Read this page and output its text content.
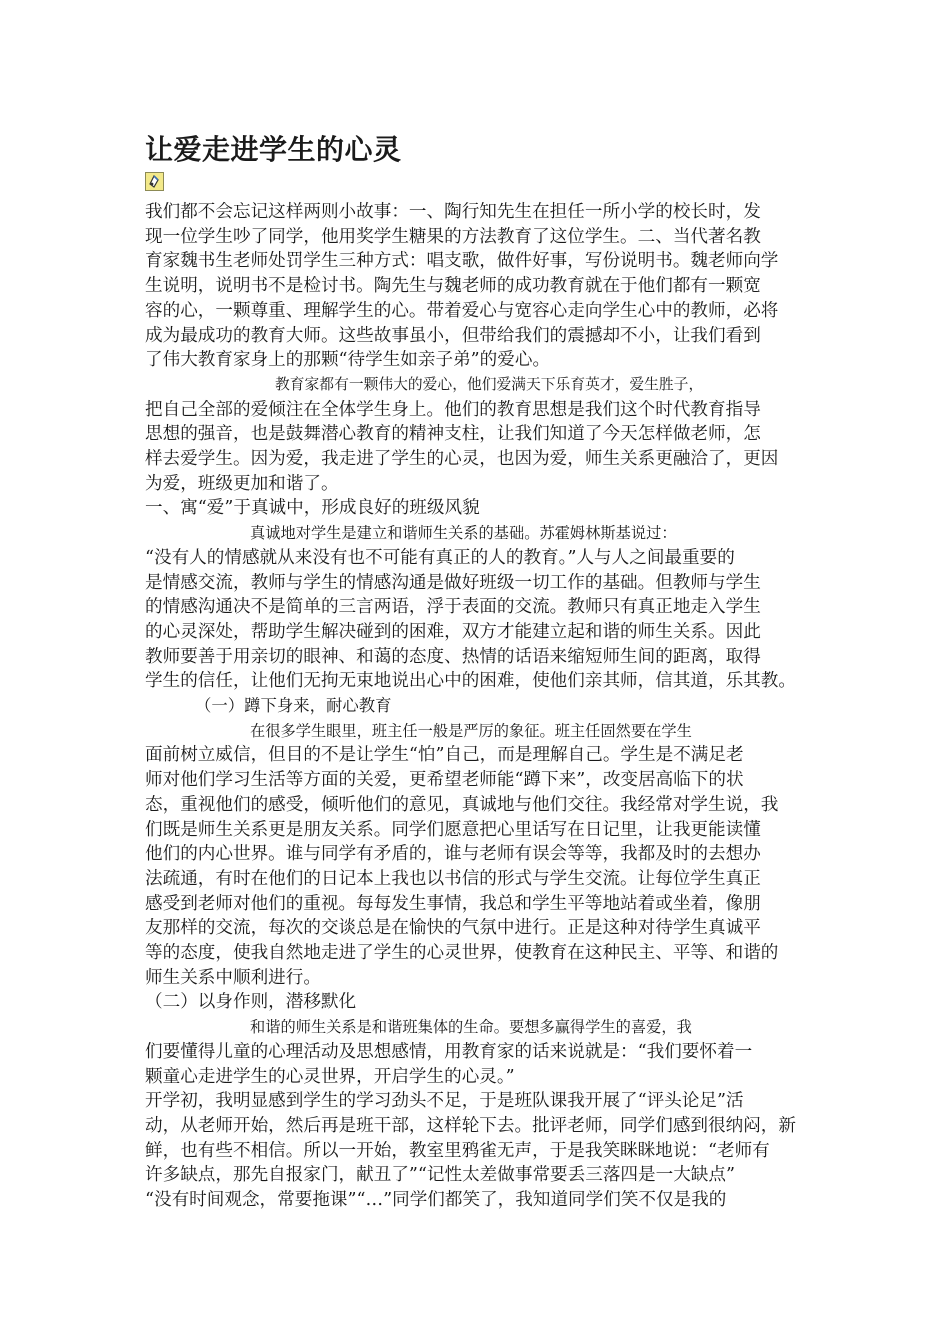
让爱走进学生的心灵
我们都不会忘记这样两则小故事：一、陶行知先生在担任一所小学的校长时，发
现一位学生吵了同学，他用奖学生糖果的方法教育了这位学生。二、当代著名教
育家魏书生老师处罚学生三种方式：唱支歌，做件好事，写份说明书。魏老师向学
生说明，说明书不是检讨书。陶先生与魏老师的成功教育就在于他们都有一颗宽
容的心，一颗尊重、理解学生的心。带着爱心与宽容心走向学生心中的教师，必将
成为最成功的教育大师。这些故事虽小，但带给我们的震撼却不小，让我们看到
了伟大教育家身上的那颗“待学生如亲子弟”的爱心。
教育家都有一颗伟大的爱心，他们爱满天下乐育英才，爱生胜子，
把自己全部的爱倾注在全体学生身上。他们的教育思想是我们这个时代教育指导
思想的强音，也是鼓舞潜心教育的精神支柱，让我们知道了今天怎样做老师，怎
样去爱学生。因为爱，我走进了学生的心灵，也因为爱，师生关系更融洽了，更因
为爱，班级更加和谐了。
一、寓“爱”于真诚中，形成良好的班级风貌
真诚地对学生是建立和谐师生关系的基础。苏霍姆林斯基说过：
“没有人的情感就从来没有也不可能有真正的人的教育。”人与人之间最重要的
是情感交流，教师与学生的情感沟通是做好班级一切工作的基础。但教师与学生
的情感沟通决不是简单的三言两语，浮于表面的交流。教师只有真正地走入学生
的心灵深处，帮助学生解决碰到的困难，双方才能建立起和谐的师生关系。因此
教师要善于用亲切的眼神、和蔼的态度、热情的话语来缩短师生间的距离，取得
学生的信任，让他们无拘无束地说出心中的困难，使他们亲其师，信其道，乐其教。
（一）蹲下身来，耐心教育
在很多学生眼里，班主任一般是严厉的象征。班主任固然要在学生
面前树立威信，但目的不是让学生“怕”自己，而是理解自己。学生是不满足老
师对他们学习生活等方面的关爱，更希望老师能“蹲下来”，改变居高临下的状
态，重视他们的感受，倾听他们的意见，真诚地与他们交往。我经常对学生说，我
们既是师生关系更是朋友关系。同学们愿意把心里话写在日记里，让我更能读懂
他们的内心世界。谁与同学有矛盾的，谁与老师有误会等等，我都及时的去想办
法疏通，有时在他们的日记本上我也以书信的形式与学生交流。让每位学生真正
感受到老师对他们的重视。每每发生事情，我总和学生平等地站着或坐着，像朋
友那样的交流，每次的交谈总是在愉快的气氛中进行。正是这种对待学生真诚平
等的态度，使我自然地走进了学生的心灵世界，使教育在这种民主、平等、和谐的
师生关系中顺利进行。
（二）以身作则，潜移默化
和谐的师生关系是和谐班集体的生命。要想多赢得学生的喜爱，我
们要懂得儿童的心理活动及思想感情，用教育家的话来说就是：“我们要怀着一
颗童心走进学生的心灵世界，开启学生的心灵。”
开学初，我明显感到学生的学习劲头不足，于是班队课我开展了“评头论足”活
动，从老师开始，然后再是班干部，这样轮下去。批评老师，同学们感到很纳闷，新
鲜，也有些不相信。所以一开始，教室里鸦雀无声，于是我笑眯眯地说：“老师有
许多缺点，那先自报家门，献丑了”“记性太差做事常要丢三落四是一大缺点”
“没有时间观念，常要拖课”“…”同学们都笑了，我知道同学们笑不仅是我的
